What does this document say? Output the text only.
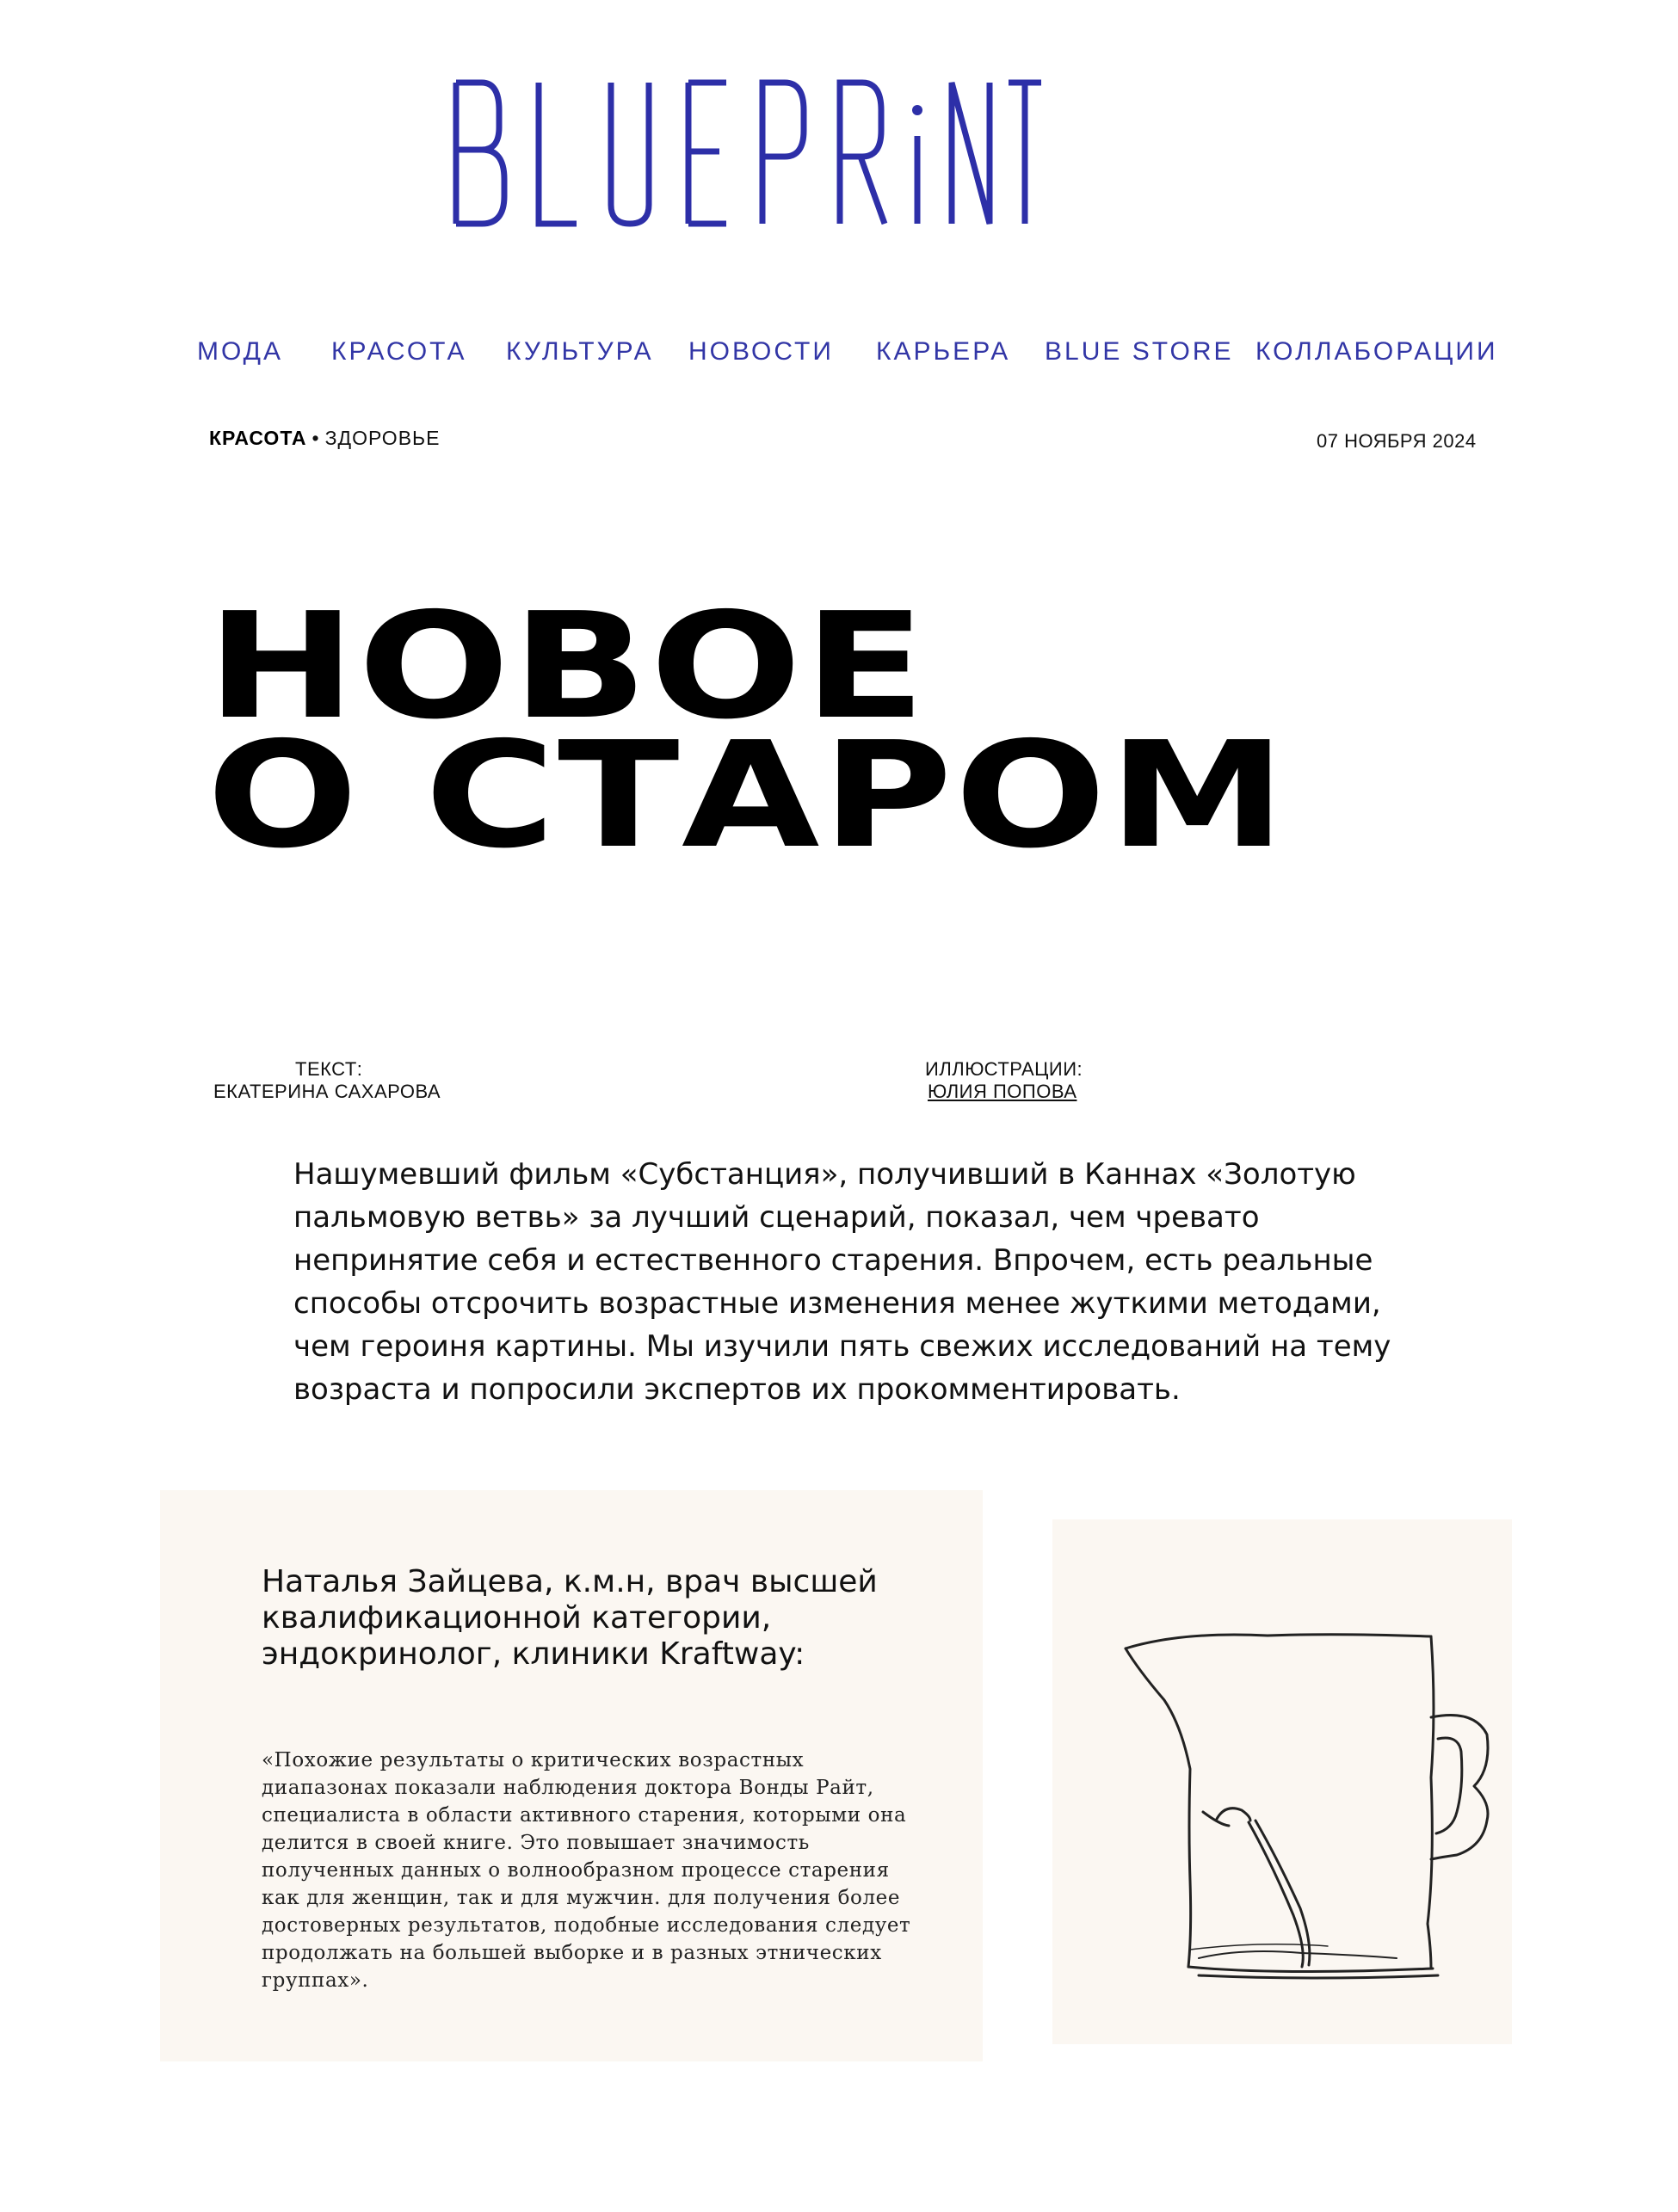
МОДА КРАСОТА КУЛЬТУРА НОВОСТИ КАРЬЕРА BLUE STORE КОЛЛАБОРАЦИИ
КРАСОТА • ЗДОРОВЬЕ	07 НОЯБРЯ 2024
НОВОЕ
О СТАРОМ
ТЕКСТ:
ЕКАТЕРИНА САХАРОВА
ИЛЛЮСТРАЦИИ:
ЮЛИЯ ПОПОВА

Нашумевший фильм «Субстанция», получивший в Каннах «Золотую пальмовую ветвь» за лучший сценарий, показал, чем чревато непринятие себя и естественного старения. Впрочем, есть реальные способы отсрочить возрастные изменения менее жуткими методами, чем героиня картины. Мы изучили пять свежих исследований на тему возраста и попросили экспертов их прокомментировать.

Наталья Зайцева, к.м.н, врач высшей квалификационной категории, эндокринолог, клиники Kraftway:

«Похожие результаты о критических возрастных диапазонах показали наблюдения доктора Вонды Райт, специалиста в области активного старения, которыми она делится в своей книге. Это повышает значимость полученных данных о волнообразном процессе старения как для женщин, так и для мужчин. для получения более достоверных результатов, подобные исследования следует продолжать на большей выборке и в разных этнических группах».
